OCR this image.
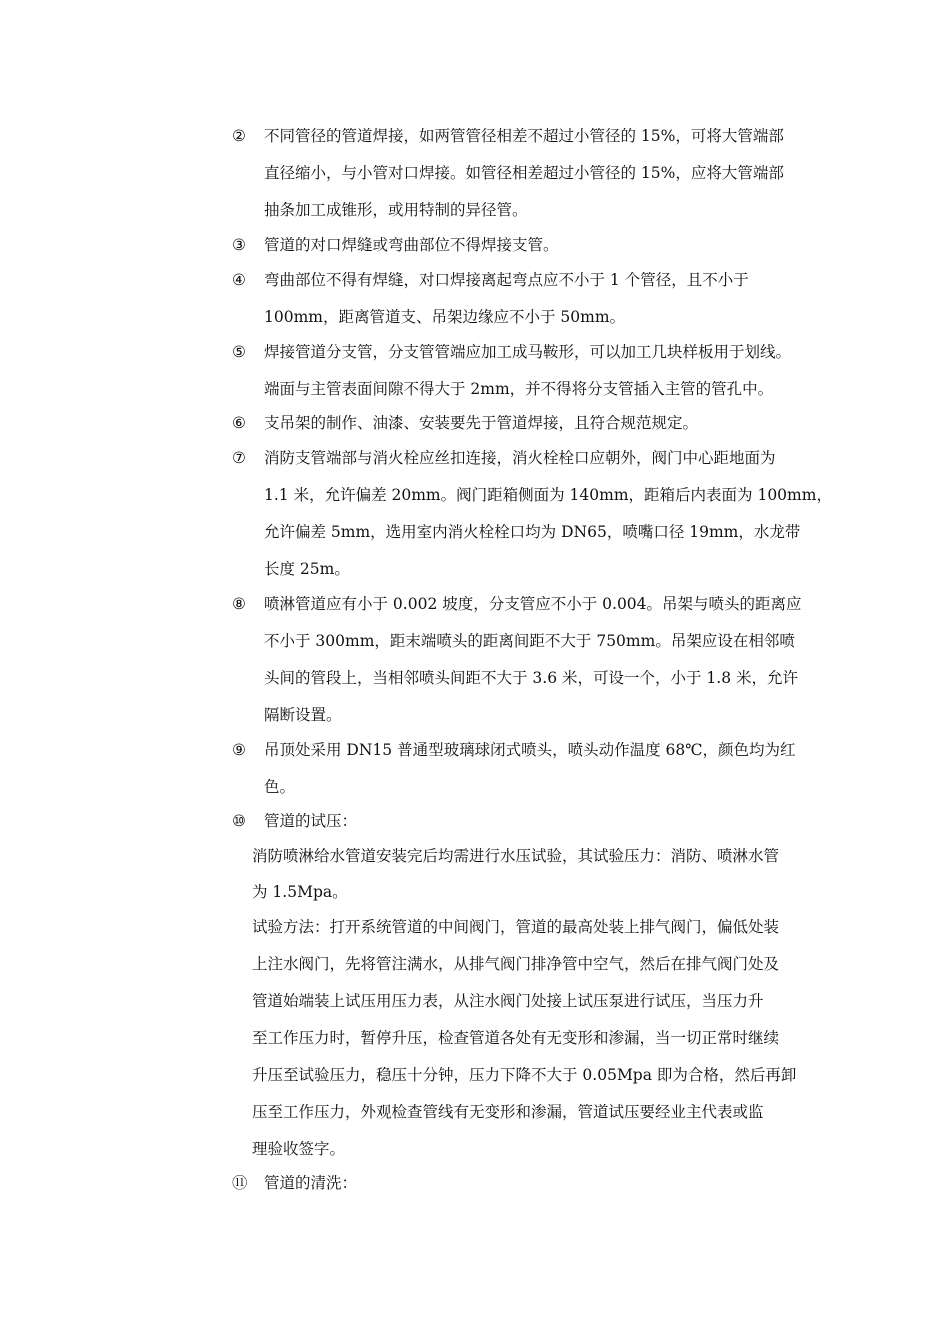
② 不同管径的管道焊接，如两管管径相差不超过小管径的 15%，可将大管端部
直径缩小，与小管对口焊接。如管径相差超过小管径的 15%，应将大管端部
抽条加工成锥形，或用特制的异径管。
③ 管道的对口焊缝或弯曲部位不得焊接支管。
④ 弯曲部位不得有焊缝，对口焊接离起弯点应不小于 1 个管径，且不小于
100mm，距离管道支、吊架边缘应不小于 50mm。
⑤ 焊接管道分支管，分支管管端应加工成马鞍形，可以加工几块样板用于划线。
端面与主管表面间隙不得大于 2mm，并不得将分支管插入主管的管孔中。
⑥ 支吊架的制作、油漆、安装要先于管道焊接，且符合规范规定。
⑦ 消防支管端部与消火栓应丝扣连接，消火栓栓口应朝外，阀门中心距地面为
1.1 米，允许偏差 20mm。阀门距箱侧面为 140mm，距箱后内表面为 100mm，
允许偏差 5mm，选用室内消火栓栓口均为 DN65，喷嘴口径 19mm，水龙带
长度 25m。
⑧ 喷淋管道应有小于 0.002 坡度，分支管应不小于 0.004。吊架与喷头的距离应
不小于 300mm，距末端喷头的距离间距不大于 750mm。吊架应设在相邻喷
头间的管段上，当相邻喷头间距不大于 3.6 米，可设一个，小于 1.8 米，允许
隔断设置。
⑨ 吊顶处采用 DN15 普通型玻璃球闭式喷头，喷头动作温度 68℃，颜色均为红
色。
⑩ 管道的试压：
消防喷淋给水管道安装完后均需进行水压试验，其试验压力：消防、喷淋水管
为 1.5Mpa。
试验方法：打开系统管道的中间阀门，管道的最高处装上排气阀门，偏低处装
上注水阀门，先将管注满水，从排气阀门排净管中空气，然后在排气阀门处及
管道始端装上试压用压力表，从注水阀门处接上试压泵进行试压，当压力升
至工作压力时，暂停升压，检查管道各处有无变形和渗漏，当一切正常时继续
升压至试验压力，稳压十分钟，压力下降不大于 0.05Mpa 即为合格，然后再卸
压至工作压力，外观检查管线有无变形和渗漏，管道试压要经业主代表或监
理验收签字。
⑪ 管道的清洗：
